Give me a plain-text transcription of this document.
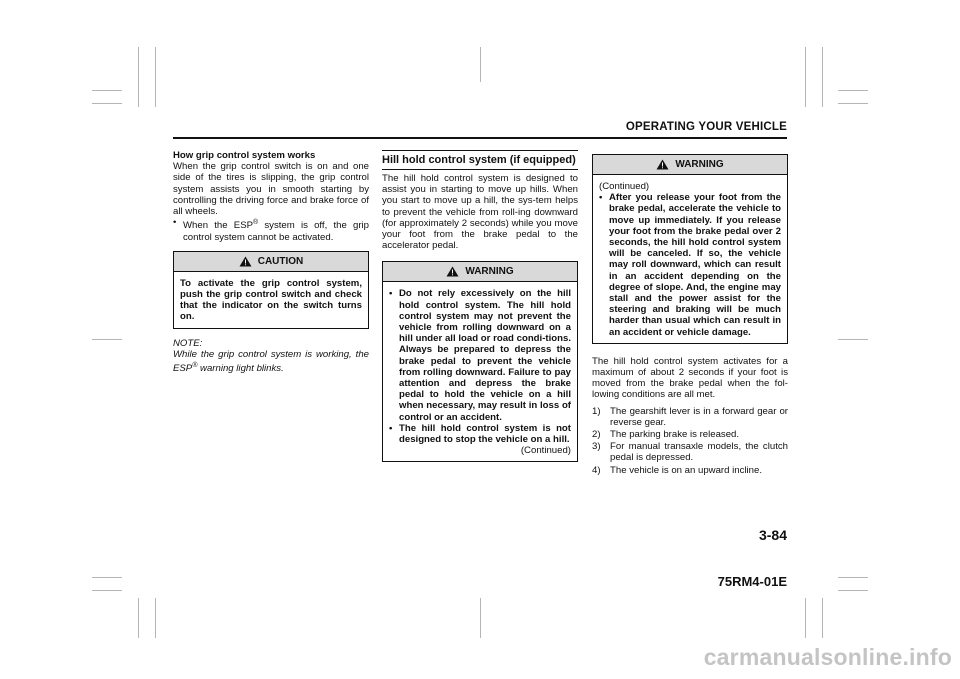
OPERATING YOUR VEHICLE
How grip control system works
When the grip control switch is on and one side of the tires is slipping, the grip control system assists you in smooth starting by controlling the driving force and brake force of all wheels.
• When the ESP® system is off, the grip control system cannot be activated.
CAUTION
To activate the grip control system, push the grip control switch and check that the indicator on the switch turns on.
NOTE:
While the grip control system is working, the ESP® warning light blinks.
Hill hold control system (if equipped)
The hill hold control system is designed to assist you in starting to move up hills. When you start to move up a hill, the sys-tem helps to prevent the vehicle from roll-ing downward (for approximately 2 seconds) while you move your foot from the brake pedal to the accelerator pedal.
WARNING
• Do not rely excessively on the hill hold control system. The hill hold control system may not prevent the vehicle from rolling downward on a hill under all load or road condi-tions. Always be prepared to depress the brake pedal to prevent the vehicle from rolling downward. Failure to pay attention and depress the brake pedal to hold the vehicle on a hill when necessary, may result in loss of control or an accident.
• The hill hold control system is not designed to stop the vehicle on a hill.
(Continued)
WARNING
(Continued)
• After you release your foot from the brake pedal, accelerate the vehicle to move up immediately. If you release your foot from the brake pedal over 2 seconds, the hill hold control system will be canceled. If so, the vehicle may roll downward, which can result in an accident depending on the degree of slope. And, the engine may stall and the power assist for the steering and braking will be much harder than usual which can result in an accident or vehicle damage.
The hill hold control system activates for a maximum of about 2 seconds if your foot is moved from the brake pedal when the fol-lowing conditions are all met.
1) The gearshift lever is in a forward gear or reverse gear.
2) The parking brake is released.
3) For manual transaxle models, the clutch pedal is depressed.
4) The vehicle is on an upward incline.
3-84
75RM4-01E
carmanualsonline.info
